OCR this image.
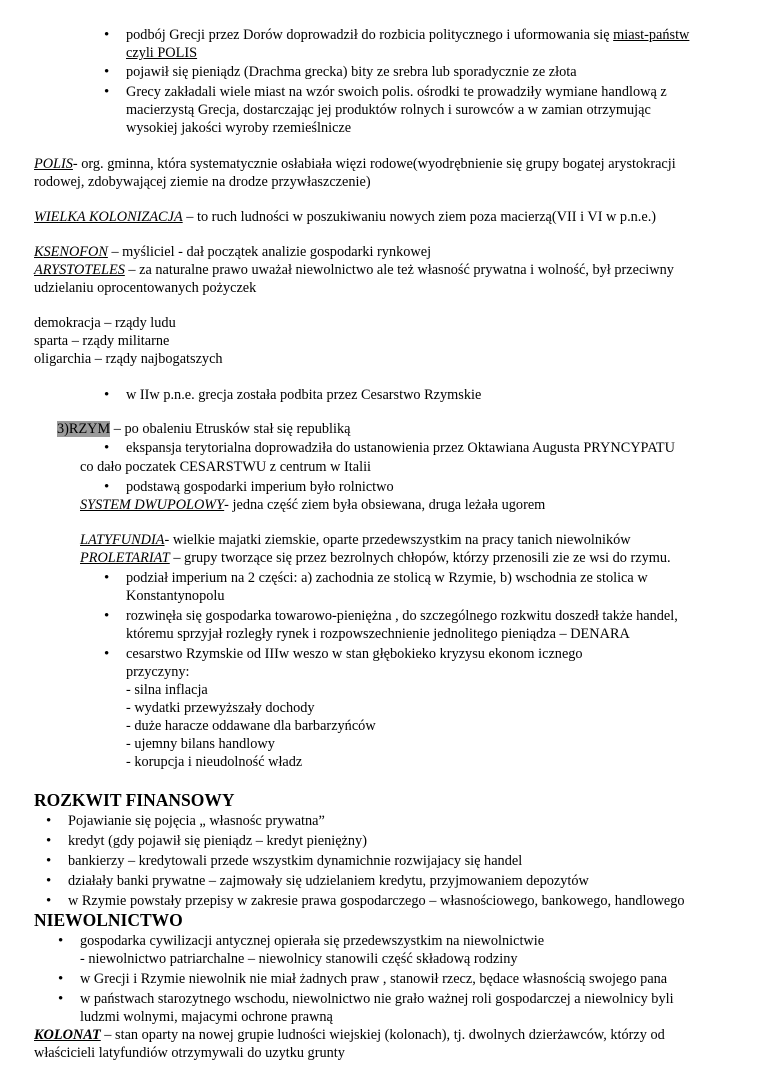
• podbój Grecji przez Dorów doprowadził do rozbicia politycznego i uformowania się miast-państw
czyli POLIS
• pojawił się pieniądz (Drachma grecka) bity ze srebra lub sporadycznie ze złota
• Grecy zakładali wiele miast na wzór swoich polis. ośrodki te prowadziły wymiane handlową z
macierzystą Grecja, dostarczając jej produktów rolnych i surowców a w zamian otrzymując
wysokiej jakości wyroby rzemieślnicze
POLIS- org. gminna, która systematycznie osłabiała więzi rodowe(wyodrębnienie się grupy bogatej arystokracji
rodowej, zdobywającej ziemie na drodze przywłaszczenie)
WIELKA KOLONIZACJA – to ruch ludności w poszukiwaniu nowych ziem poza macierzą(VII i VI w p.n.e.)
KSENOFON – myśliciel - dał początek analizie gospodarki rynkowej
ARYSTOTELES – za naturalne prawo uważał niewolnictwo ale też własność prywatna i wolność, był przeciwny
udzielaniu oprocentowanych pożyczek
demokracja – rządy ludu
sparta – rządy militarne
oligarchia – rządy najbogatszych
• w IIw p.n.e. grecja została podbita przez Cesarstwo Rzymskie
3)RZYM – po obaleniu Etrusków stał się republiką
• ekspansja terytorialna doprowadziła do ustanowienia przez Oktawiana Augusta PRYNCYPATU
co dało poczatek CESARSTWU z centrum w Italii
• podstawą gospodarki imperium było rolnictwo
SYSTEM DWUPOLOWY- jedna część ziem była obsiewana, druga leżała ugorem
LATYFUNDIA- wielkie majatki ziemskie, oparte przedewszystkim na pracy tanich niewolników
PROLETARIAT – grupy tworzące się przez bezrolnych chłopów, którzy przenosili zie ze wsi do rzymu.
• podział imperium na 2 części: a) zachodnia ze stolicą w Rzymie, b) wschodnia ze stolica w
Konstantynopolu
• rozwinęła się gospodarka towarowo-pieniężna , do szczególnego rozkwitu doszedł także handel,
któremu sprzyjał rozległy rynek i rozpowszechnienie jednolitego pieniądza – DENARA
• cesarstwo Rzymskie od IIIw weszo w stan głębokieko kryzysu ekonom icznego
przyczyny:
- silna inflacja
- wydatki przewyższały dochody
- duże haracze oddawane dla barbarzyńców
- ujemny bilans handlowy
- korupcja i nieudolność władz
ROZKWIT FINANSOWY
• Pojawianie się pojęcia „ własnośc prywatna”
• kredyt (gdy pojawił się pieniądz – kredyt pieniężny)
• bankierzy – kredytowali przede wszystkim dynamichnie rozwijajacy się handel
• działały banki prywatne – zajmowały się udzielaniem kredytu, przyjmowaniem depozytów
• w Rzymie powstały przepisy w zakresie prawa gospodarczego – własnościowego, bankowego, handlowego
NIEWOLNICTWO
• gospodarka cywilizacji antycznej opierała się przedewszystkim na niewolnictwie
- niewolnictwo patriarchalne – niewolnicy stanowili część składową rodziny
• w Grecji i Rzymie niewolnik nie miał żadnych praw , stanowił rzecz, będace własnością swojego pana
• w państwach starozytnego wschodu, niewolnictwo nie grało ważnej roli gospodarczej a niewolnicy byli
ludzmi wolnymi, majacymi ochrone prawną
KOLONAT – stan oparty na nowej grupie ludności wiejskiej (kolonach), tj. dwolnych dzierżawców, którzy od
właścicieli latyfundiów otrzymywali do uzytku grunty
